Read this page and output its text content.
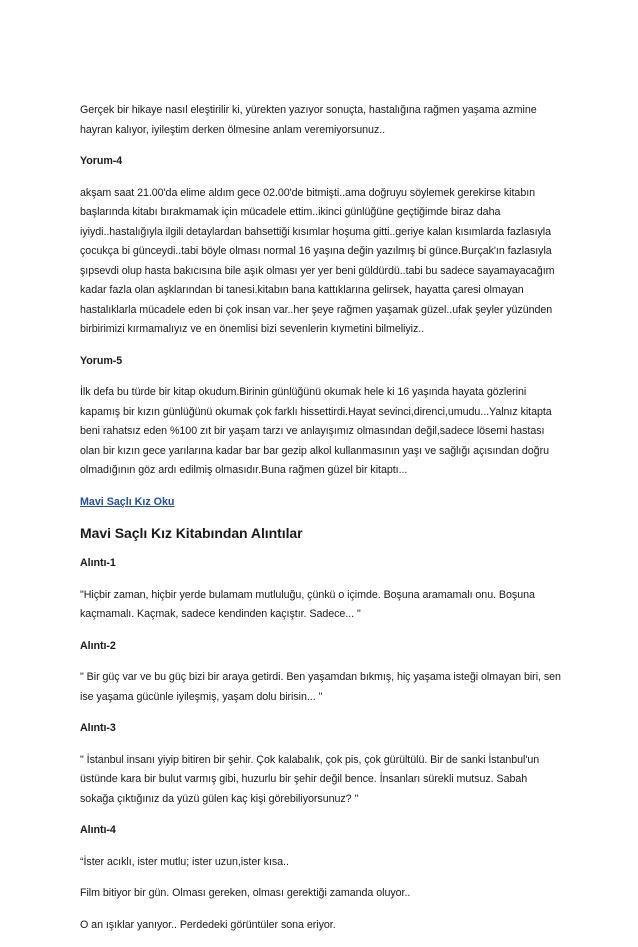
Gerçek bir hikaye nasıl eleştirilir ki, yürekten yazıyor sonuçta, hastalığına rağmen yaşama azmine
hayran kalıyor, iyileştim derken ölmesine anlam veremiyorsunuz..

Yorum-4

akşam saat 21.00'da elime aldım gece 02.00'de bitmişti..ama doğruyu söylemek gerekirse kitabın
başlarında kitabı bırakmamak için mücadele ettim..ikinci günlüğüne geçtiğimde biraz daha
iyiydi..hastalığıyla ilgili detaylardan bahsettiği kısımlar hoşuma gitti..geriye kalan kısımlarda fazlasıyla
çocukça bi günceydi..tabi böyle olması normal 16 yaşına değin yazılmış bi günce.Burçak'ın fazlasıyla
şıpsevdi olup hasta bakıcısına bile aşık olması yer yer beni güldürdü..tabi bu sadece sayamayacağım
kadar fazla olan aşklarından bi tanesi.kitabın bana kattıklarına gelirsek, hayatta çaresi olmayan
hastalıklarla mücadele eden bi çok insan var..her şeye rağmen yaşamak güzel..ufak şeyler yüzünden
birbirimizi kırmamalıyız ve en önemlisi bizi sevenlerin kıymetini bilmeliyiz..

Yorum-5

İlk defa bu türde bir kitap okudum.Birinin günlüğünü okumak hele ki 16 yaşında hayata gözlerini
kapamış bir kızın günlüğünü okumak çok farklı hissettirdi.Hayat sevinci,direnci,umudu...Yalnız kitapta
beni rahatsız eden %100 zıt bir yaşam tarzı ve anlayışımız olmasından değil,sadece lösemi hastası
olan bir kızın gece yarılarına kadar bar bar gezip alkol kullanmasının yaşı ve sağlığı açısından doğru
olmadığının göz ardı edilmiş olmasıdır.Buna rağmen güzel bir kitaptı...

Mavi Saçlı Kız Oku

Mavi Saçlı Kız Kitabından Alıntılar

Alıntı-1

"Hiçbir zaman, hiçbir yerde bulamam mutluluğu, çünkü o içimde. Boşuna aramamalı onu. Boşuna
kaçmamalı. Kaçmak, sadece kendinden kaçıştır. Sadece... "

Alıntı-2

" Bir güç var ve bu güç bizi bir araya getirdi. Ben yaşamdan bıkmış, hiç yaşama isteği olmayan biri, sen
ise yaşama gücünle iyileşmiş, yaşam dolu birisin... "

Alıntı-3

" İstanbul insanı yiyip bitiren bir şehir. Çok kalabalık, çok pis, çok gürültülü. Bir de sanki İstanbul'un
üstünde kara bir bulut varmış gibi, huzurlu bir şehir değil bence. İnsanları sürekli mutsuz. Sabah
sokağa çıktığınız da yüzü gülen kaç kişi görebiliyorsunuz? "

Alıntı-4

“İster acıklı, ister mutlu; ister uzun,ister kısa..

Film bitiyor bir gün. Olması gereken, olması gerektiği zamanda oluyor..

O an ışıklar yanıyor.. Perdedeki görüntüler sona eriyor.
